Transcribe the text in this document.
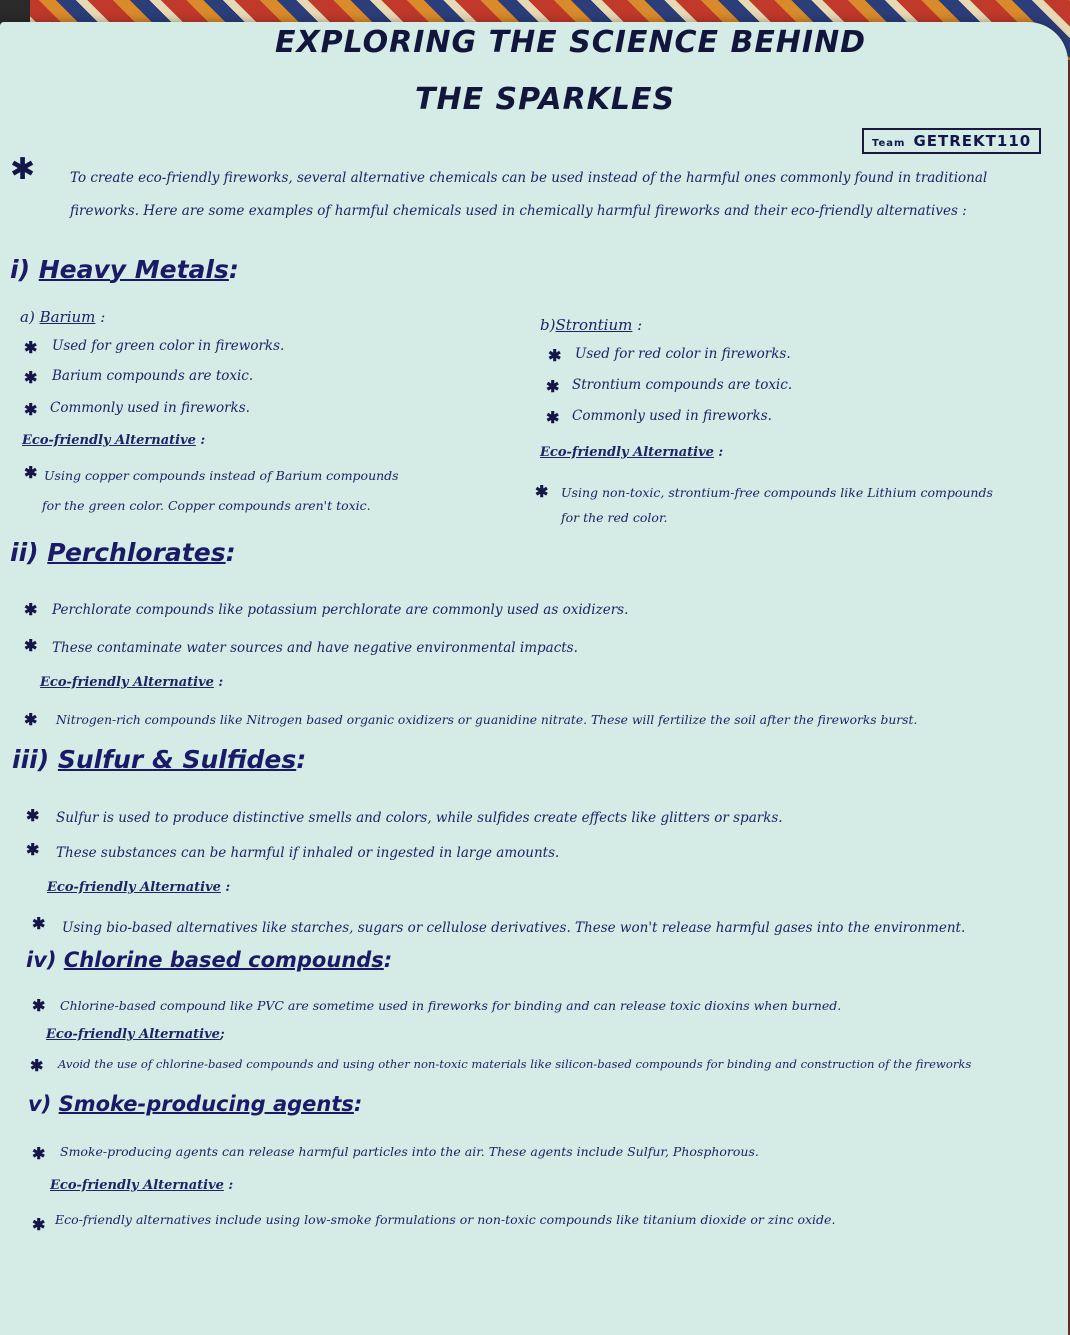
EXPLORING THE SCIENCE BEHIND
THE SPARKLES
Team GETREKT110
✱	To create eco-friendly fireworks, several alternative chemicals can be used instead of the harmful ones commonly found in traditional
fireworks. Here are some examples of harmful chemicals used in chemically harmful fireworks and their eco-friendly alternatives :
i) Heavy Metals:
a) Barium :
✱ Used for green color in fireworks.
✱ Barium compounds are toxic.
✱ Commonly used in fireworks.
Eco-friendly Alternative :
✱ Using copper compounds instead of Barium compounds
for the green color. Copper compounds aren't toxic.
b)Strontium :
✱ Used for red color in fireworks.
✱ Strontium compounds are toxic.
✱ Commonly used in fireworks.
Eco-friendly Alternative :
✱ Using non-toxic, strontium-free compounds like Lithium compounds
for the red color.
ii) Perchlorates:
✱ Perchlorate compounds like potassium perchlorate are commonly used as oxidizers.
✱ These contaminate water sources and have negative environmental impacts.
Eco-friendly Alternative :
✱ Nitrogen-rich compounds like Nitrogen based organic oxidizers or guanidine nitrate. These will fertilize the soil after the fireworks burst.
iii) Sulfur & Sulfides:
✱ Sulfur is used to produce distinctive smells and colors, while sulfides create effects like glitters or sparks.
✱ These substances can be harmful if inhaled or ingested in large amounts.
Eco-friendly Alternative :
✱ Using bio-based alternatives like starches, sugars or cellulose derivatives. These won't release harmful gases into the environment.
iv) Chlorine based compounds:
✱ Chlorine-based compound like PVC are sometime used in fireworks for binding and can release toxic dioxins when burned.
Eco-friendly Alternative;
✱ Avoid the use of chlorine-based compounds and using other non-toxic materials like silicon-based compounds for binding and construction of the fireworks
v) Smoke-producing agents:
✱ Smoke-producing agents can release harmful particles into the air. These agents include Sulfur, Phosphorous.
Eco-friendly Alternative :
✱ Eco-friendly alternatives include using low-smoke formulations or non-toxic compounds like titanium dioxide or zinc oxide.
